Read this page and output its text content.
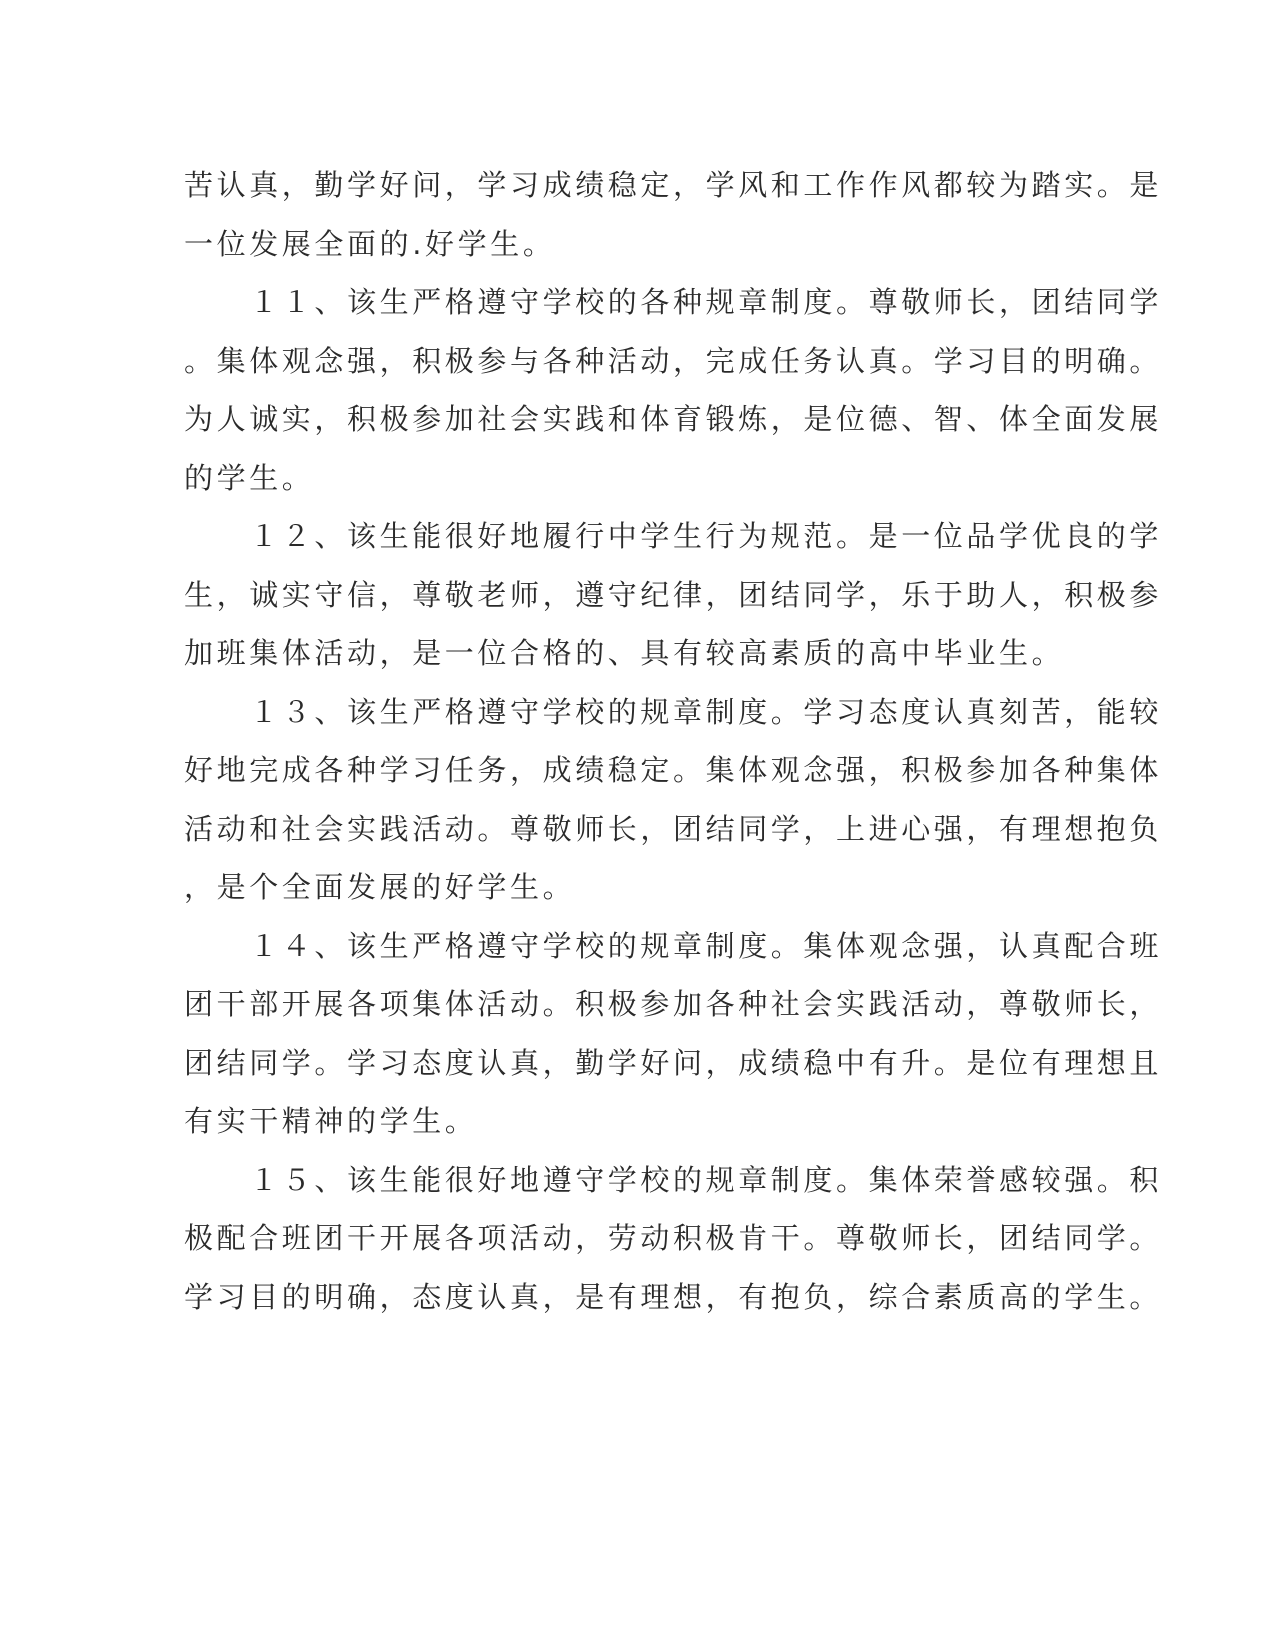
苦认真，勤学好问，学习成绩稳定，学风和工作作风都较为踏实。是
一位发展全面的.好学生。
　　１１、该生严格遵守学校的各种规章制度。尊敬师长，团结同学
。集体观念强，积极参与各种活动，完成任务认真。学习目的明确。
为人诚实，积极参加社会实践和体育锻炼，是位德、智、体全面发展
的学生。
　　１２、该生能很好地履行中学生行为规范。是一位品学优良的学
生，诚实守信，尊敬老师，遵守纪律，团结同学，乐于助人，积极参
加班集体活动，是一位合格的、具有较高素质的高中毕业生。
　　１３、该生严格遵守学校的规章制度。学习态度认真刻苦，能较
好地完成各种学习任务，成绩稳定。集体观念强，积极参加各种集体
活动和社会实践活动。尊敬师长，团结同学，上进心强，有理想抱负
，是个全面发展的好学生。
　　１４、该生严格遵守学校的规章制度。集体观念强，认真配合班
团干部开展各项集体活动。积极参加各种社会实践活动，尊敬师长，
团结同学。学习态度认真，勤学好问，成绩稳中有升。是位有理想且
有实干精神的学生。
　　１５、该生能很好地遵守学校的规章制度。集体荣誉感较强。积
极配合班团干开展各项活动，劳动积极肯干。尊敬师长，团结同学。
学习目的明确，态度认真，是有理想，有抱负，综合素质高的学生。
